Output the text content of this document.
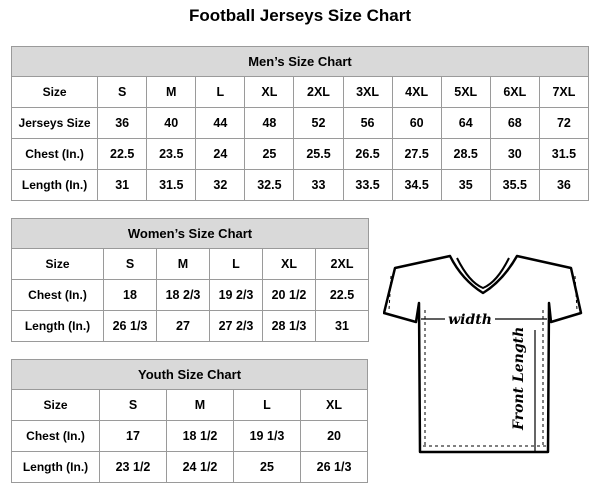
Football Jerseys Size Chart
Men’s Size Chart										
Size	S	M	L	XL	2XL	3XL	4XL	5XL	6XL	7XL
Jerseys Size	36	40	44	48	52	56	60	64	68	72
Chest (In.)	22.5	23.5	24	25	25.5	26.5	27.5	28.5	30	31.5
Length (In.)	31	31.5	32	32.5	33	33.5	34.5	35	35.5	36
Women’s Size Chart					
Size	S	M	L	XL	2XL
Chest (In.)	18	18 2/3	19 2/3	20 1/2	22.5
Length (In.)	26 1/3	27	27 2/3	28 1/3	31
Youth Size Chart				
Size	S	M	L	XL
Chest (In.)	17	18 1/2	19 1/3	20
Length (In.)	23 1/2	24 1/2	25	26 1/3
width
Front Length
